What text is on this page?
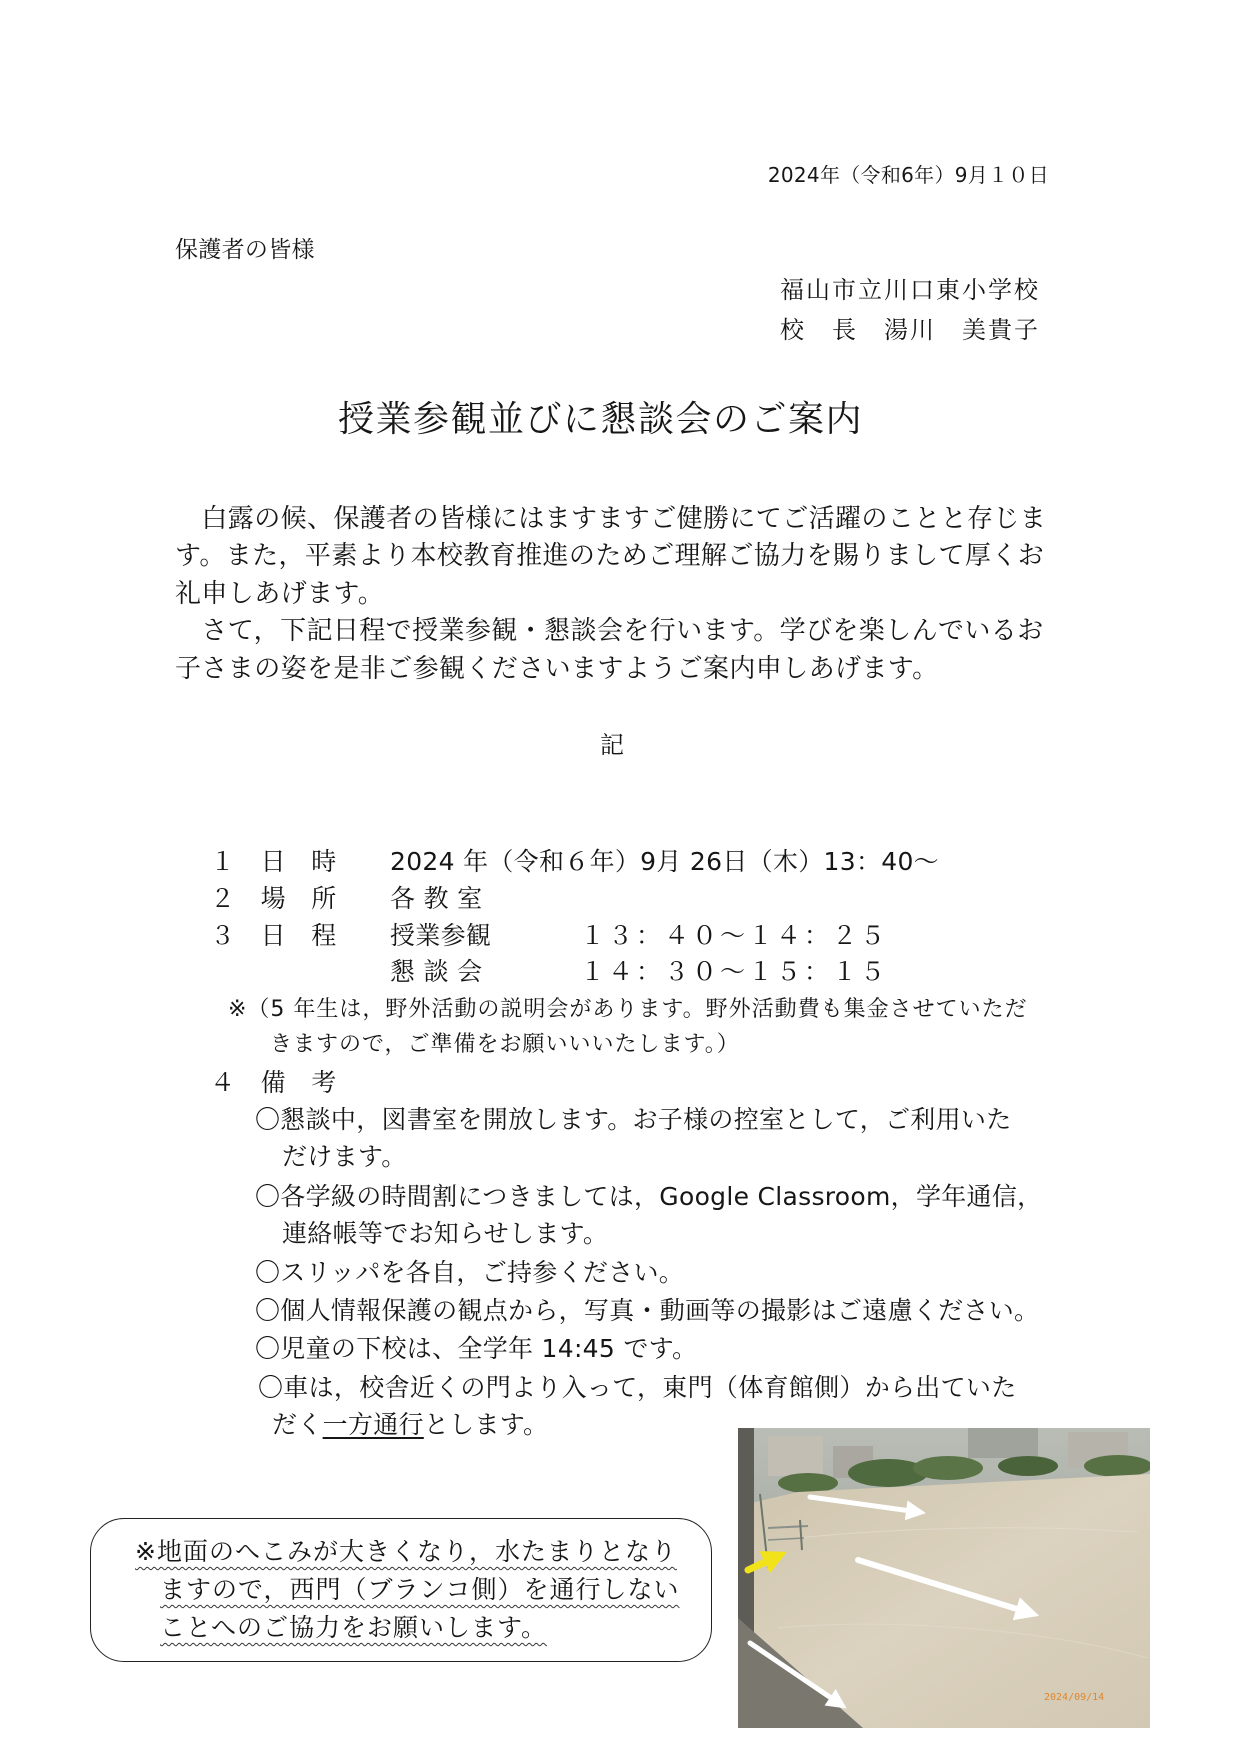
2024年（令和6年）9月１０日
保護者の皆様
福山市立川口東小学校
校　長　湯川　美貴子
授業参観並びに懇談会のご案内
　白露の候、保護者の皆様にはますますご健勝にてご活躍のことと存じま
す。また，平素より本校教育推進のためご理解ご協力を賜りまして厚くお
礼申しあげます。
　さて，下記日程で授業参観・懇談会を行います。学びを楽しんでいるお
子さまの姿を是非ご参観くださいますようご案内申しあげます。
記
１　日　時 2024 年（令和６年）9月 26日（木）13：40～
２　場　所 各 教 室
３　日　程 授業参観	１３：４０～１４：２５
懇 談 会	１４：３０～１５：１５
※（5 年生は，野外活動の説明会があります。野外活動費も集金させていただ
きますので，ご準備をお願いいいたします。）
４　備　考
〇懇談中，図書室を開放します。お子様の控室として，ご利用いた
だけます。
〇各学級の時間割につきましては，Google Classroom，学年通信，
連絡帳等でお知らせします。
〇スリッパを各自，ご持参ください。
〇個人情報保護の観点から，写真・動画等の撮影はご遠慮ください。
〇児童の下校は、全学年 14:45 です。
〇車は，校舎近くの門より入って，東門（体育館側）から出ていた
だく一方通行とします。
※地面のへこみが大きくなり，水たまりとなり
ますので，西門（ブランコ側）を通行しない
ことへのご協力をお願いします。
2024/09/14
